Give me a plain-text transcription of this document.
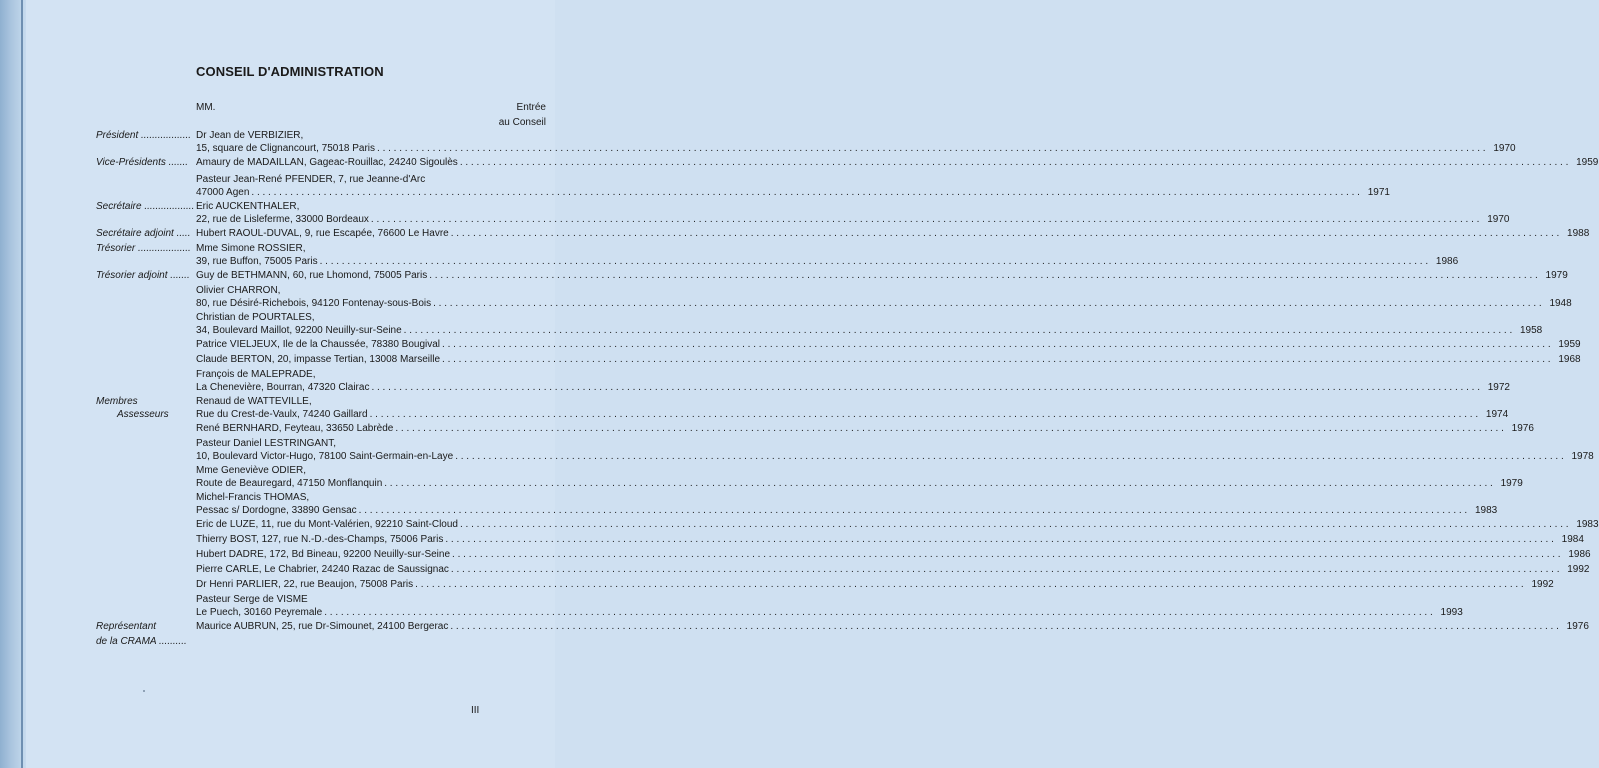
CONSEIL D'ADMINISTRATION
MM.	Entrée
au Conseil
Président .................. Dr Jean de VERBIZIER,
15, square de Clignancourt, 75018 Paris . . . . . . . . . . . . . . . . . . . . . . . . . . . . . . . . . . . . . . . . . . . . . . . . . . . . . . . . . . . . . . . . . . . . . . . . . . . . . . . . . . . . . . . . . . . . . . . . . . . . . . . . . . . . . . . . . . . . . . . . . . . . . . . . . . . . . . . . . . . . . . . . . . . . . . . . . . . . . . . . . . . . . . . . . . . . . . . . . . . . . . . . . . . . . . . . . . . . . . . . 1970
Vice-Présidents ....... Amaury de MADAILLAN, Gageac-Rouillac, 24240 Sigoulès . . . . . . . . . . . . . . . . . . . . . . . . . . . . . . . . . . . . . . . . . . . . . . . . . . . . . . . . . . . . . . . . . . . . . . . . . . . . . . . . . . . . . . . . . . . . . . . . . . . . . . . . . . . . . . . . . . . . . . . . . . . . . . . . . . . . . . . . . . . . . . . . . . . . . . . . . . . . . . . . . . . . . . . . . . . . . . . . . . . . . . . . . . . . . . . . . . . . . . . . 1959
Pasteur Jean-René PFENDER, 7, rue Jeanne-d'Arc
47000 Agen . . . . . . . . . . . . . . . . . . . . . . . . . . . . . . . . . . . . . . . . . . . . . . . . . . . . . . . . . . . . . . . . . . . . . . . . . . . . . . . . . . . . . . . . . . . . . . . . . . . . . . . . . . . . . . . . . . . . . . . . . . . . . . . . . . . . . . . . . . . . . . . . . . . . . . . . . . . . . . . . . . . . . . . . . . . . . . . . . . . . . . . . . . . . . . . . . . . . . . . . 1971
Secrétaire .................. Eric AUCKENTHALER,
22, rue de Lisleferme, 33000 Bordeaux . . . . . . . . . . . . . . . . . . . . . . . . . . . . . . . . . . . . . . . . . . . . . . . . . . . . . . . . . . . . . . . . . . . . . . . . . . . . . . . . . . . . . . . . . . . . . . . . . . . . . . . . . . . . . . . . . . . . . . . . . . . . . . . . . . . . . . . . . . . . . . . . . . . . . . . . . . . . . . . . . . . . . . . . . . . . . . . . . . . . . . . . . . . . . . . . . . . . . . . . 1970
Secrétaire adjoint ..... Hubert RAOUL-DUVAL, 9, rue Escapée, 76600 Le Havre . . . . . . . . . . . . . . . . . . . . . . . . . . . . . . . . . . . . . . . . . . . . . . . . . . . . . . . . . . . . . . . . . . . . . . . . . . . . . . . . . . . . . . . . . . . . . . . . . . . . . . . . . . . . . . . . . . . . . . . . . . . . . . . . . . . . . . . . . . . . . . . . . . . . . . . . . . . . . . . . . . . . . . . . . . . . . . . . . . . . . . . . . . . . . . . . . . . . . . . . 1988
Trésorier ................... Mme Simone ROSSIER,
39, rue Buffon, 75005 Paris . . . . . . . . . . . . . . . . . . . . . . . . . . . . . . . . . . . . . . . . . . . . . . . . . . . . . . . . . . . . . . . . . . . . . . . . . . . . . . . . . . . . . . . . . . . . . . . . . . . . . . . . . . . . . . . . . . . . . . . . . . . . . . . . . . . . . . . . . . . . . . . . . . . . . . . . . . . . . . . . . . . . . . . . . . . . . . . . . . . . . . . . . . . . . . . . . . . . . . . . 1986
Trésorier adjoint ....... Guy de BETHMANN, 60, rue Lhomond, 75005 Paris . . . . . . . . . . . . . . . . . . . . . . . . . . . . . . . . . . . . . . . . . . . . . . . . . . . . . . . . . . . . . . . . . . . . . . . . . . . . . . . . . . . . . . . . . . . . . . . . . . . . . . . . . . . . . . . . . . . . . . . . . . . . . . . . . . . . . . . . . . . . . . . . . . . . . . . . . . . . . . . . . . . . . . . . . . . . . . . . . . . . . . . . . . . . . . . . . . . . . . . . 1979
Olivier CHARRON,
80, rue Désiré-Richebois, 94120 Fontenay-sous-Bois . . . . . . . . . . . . . . . . . . . . . . . . . . . . . . . . . . . . . . . . . . . . . . . . . . . . . . . . . . . . . . . . . . . . . . . . . . . . . . . . . . . . . . . . . . . . . . . . . . . . . . . . . . . . . . . . . . . . . . . . . . . . . . . . . . . . . . . . . . . . . . . . . . . . . . . . . . . . . . . . . . . . . . . . . . . . . . . . . . . . . . . . . . . . . . . . . . . . . . . . 1948
Christian de POURTALES,
34, Boulevard Maillot, 92200 Neuilly-sur-Seine . . . . . . . . . . . . . . . . . . . . . . . . . . . . . . . . . . . . . . . . . . . . . . . . . . . . . . . . . . . . . . . . . . . . . . . . . . . . . . . . . . . . . . . . . . . . . . . . . . . . . . . . . . . . . . . . . . . . . . . . . . . . . . . . . . . . . . . . . . . . . . . . . . . . . . . . . . . . . . . . . . . . . . . . . . . . . . . . . . . . . . . . . . . . . . . . . . . . . . . . 1958
Patrice VIELJEUX, Ile de la Chaussée, 78380 Bougival . . . . . . . . . . . . . . . . . . . . . . . . . . . . . . . . . . . . . . . . . . . . . . . . . . . . . . . . . . . . . . . . . . . . . . . . . . . . . . . . . . . . . . . . . . . . . . . . . . . . . . . . . . . . . . . . . . . . . . . . . . . . . . . . . . . . . . . . . . . . . . . . . . . . . . . . . . . . . . . . . . . . . . . . . . . . . . . . . . . . . . . . . . . . . . . . . . . . . . . . 1959
Claude BERTON, 20, impasse Tertian, 13008 Marseille . . . . . . . . . . . . . . . . . . . . . . . . . . . . . . . . . . . . . . . . . . . . . . . . . . . . . . . . . . . . . . . . . . . . . . . . . . . . . . . . . . . . . . . . . . . . . . . . . . . . . . . . . . . . . . . . . . . . . . . . . . . . . . . . . . . . . . . . . . . . . . . . . . . . . . . . . . . . . . . . . . . . . . . . . . . . . . . . . . . . . . . . . . . . . . . . . . . . . . . . 1968
François de MALEPRADE,
La Chenevière, Bourran, 47320 Clairac . . . . . . . . . . . . . . . . . . . . . . . . . . . . . . . . . . . . . . . . . . . . . . . . . . . . . . . . . . . . . . . . . . . . . . . . . . . . . . . . . . . . . . . . . . . . . . . . . . . . . . . . . . . . . . . . . . . . . . . . . . . . . . . . . . . . . . . . . . . . . . . . . . . . . . . . . . . . . . . . . . . . . . . . . . . . . . . . . . . . . . . . . . . . . . . . . . . . . . . . 1972
Membres
Assesseurs
Renaud de WATTEVILLE,
Rue du Crest-de-Vaulx, 74240 Gaillard . . . . . . . . . . . . . . . . . . . . . . . . . . . . . . . . . . . . . . . . . . . . . . . . . . . . . . . . . . . . . . . . . . . . . . . . . . . . . . . . . . . . . . . . . . . . . . . . . . . . . . . . . . . . . . . . . . . . . . . . . . . . . . . . . . . . . . . . . . . . . . . . . . . . . . . . . . . . . . . . . . . . . . . . . . . . . . . . . . . . . . . . . . . . . . . . . . . . . . . . 1974
René BERNHARD, Feyteau, 33650 Labrède . . . . . . . . . . . . . . . . . . . . . . . . . . . . . . . . . . . . . . . . . . . . . . . . . . . . . . . . . . . . . . . . . . . . . . . . . . . . . . . . . . . . . . . . . . . . . . . . . . . . . . . . . . . . . . . . . . . . . . . . . . . . . . . . . . . . . . . . . . . . . . . . . . . . . . . . . . . . . . . . . . . . . . . . . . . . . . . . . . . . . . . . . . . . . . . . . . . . . . . . 1976
Pasteur Daniel LESTRINGANT,
10, Boulevard Victor-Hugo, 78100 Saint-Germain-en-Laye . . . . . . . . . . . . . . . . . . . . . . . . . . . . . . . . . . . . . . . . . . . . . . . . . . . . . . . . . . . . . . . . . . . . . . . . . . . . . . . . . . . . . . . . . . . . . . . . . . . . . . . . . . . . . . . . . . . . . . . . . . . . . . . . . . . . . . . . . . . . . . . . . . . . . . . . . . . . . . . . . . . . . . . . . . . . . . . . . . . . . . . . . . . . . . . . . . . . . . . . 1978
Mme Geneviève ODIER,
Route de Beauregard, 47150 Monflanquin . . . . . . . . . . . . . . . . . . . . . . . . . . . . . . . . . . . . . . . . . . . . . . . . . . . . . . . . . . . . . . . . . . . . . . . . . . . . . . . . . . . . . . . . . . . . . . . . . . . . . . . . . . . . . . . . . . . . . . . . . . . . . . . . . . . . . . . . . . . . . . . . . . . . . . . . . . . . . . . . . . . . . . . . . . . . . . . . . . . . . . . . . . . . . . . . . . . . . . . . 1979
Michel-Francis THOMAS,
Pessac s/ Dordogne, 33890 Gensac . . . . . . . . . . . . . . . . . . . . . . . . . . . . . . . . . . . . . . . . . . . . . . . . . . . . . . . . . . . . . . . . . . . . . . . . . . . . . . . . . . . . . . . . . . . . . . . . . . . . . . . . . . . . . . . . . . . . . . . . . . . . . . . . . . . . . . . . . . . . . . . . . . . . . . . . . . . . . . . . . . . . . . . . . . . . . . . . . . . . . . . . . . . . . . . . . . . . . . . . 1983
Eric de LUZE, 11, rue du Mont-Valérien, 92210 Saint-Cloud . . . . . . . . . . . . . . . . . . . . . . . . . . . . . . . . . . . . . . . . . . . . . . . . . . . . . . . . . . . . . . . . . . . . . . . . . . . . . . . . . . . . . . . . . . . . . . . . . . . . . . . . . . . . . . . . . . . . . . . . . . . . . . . . . . . . . . . . . . . . . . . . . . . . . . . . . . . . . . . . . . . . . . . . . . . . . . . . . . . . . . . . . . . . . . . . . . . . . . . . 1983
Thierry BOST, 127, rue N.-D.-des-Champs, 75006 Paris . . . . . . . . . . . . . . . . . . . . . . . . . . . . . . . . . . . . . . . . . . . . . . . . . . . . . . . . . . . . . . . . . . . . . . . . . . . . . . . . . . . . . . . . . . . . . . . . . . . . . . . . . . . . . . . . . . . . . . . . . . . . . . . . . . . . . . . . . . . . . . . . . . . . . . . . . . . . . . . . . . . . . . . . . . . . . . . . . . . . . . . . . . . . . . . . . . . . . . . . 1984
Hubert DADRE, 172, Bd Bineau, 92200 Neuilly-sur-Seine . . . . . . . . . . . . . . . . . . . . . . . . . . . . . . . . . . . . . . . . . . . . . . . . . . . . . . . . . . . . . . . . . . . . . . . . . . . . . . . . . . . . . . . . . . . . . . . . . . . . . . . . . . . . . . . . . . . . . . . . . . . . . . . . . . . . . . . . . . . . . . . . . . . . . . . . . . . . . . . . . . . . . . . . . . . . . . . . . . . . . . . . . . . . . . . . . . . . . . . . 1986
Pierre CARLE, Le Chabrier, 24240 Razac de Saussignac . . . . . . . . . . . . . . . . . . . . . . . . . . . . . . . . . . . . . . . . . . . . . . . . . . . . . . . . . . . . . . . . . . . . . . . . . . . . . . . . . . . . . . . . . . . . . . . . . . . . . . . . . . . . . . . . . . . . . . . . . . . . . . . . . . . . . . . . . . . . . . . . . . . . . . . . . . . . . . . . . . . . . . . . . . . . . . . . . . . . . . . . . . . . . . . . . . . . . . . . 1992
Dr Henri PARLIER, 22, rue Beaujon, 75008 Paris . . . . . . . . . . . . . . . . . . . . . . . . . . . . . . . . . . . . . . . . . . . . . . . . . . . . . . . . . . . . . . . . . . . . . . . . . . . . . . . . . . . . . . . . . . . . . . . . . . . . . . . . . . . . . . . . . . . . . . . . . . . . . . . . . . . . . . . . . . . . . . . . . . . . . . . . . . . . . . . . . . . . . . . . . . . . . . . . . . . . . . . . . . . . . . . . . . . . . . . . 1992
Pasteur Serge de VISME
Le Puech, 30160 Peyremale . . . . . . . . . . . . . . . . . . . . . . . . . . . . . . . . . . . . . . . . . . . . . . . . . . . . . . . . . . . . . . . . . . . . . . . . . . . . . . . . . . . . . . . . . . . . . . . . . . . . . . . . . . . . . . . . . . . . . . . . . . . . . . . . . . . . . . . . . . . . . . . . . . . . . . . . . . . . . . . . . . . . . . . . . . . . . . . . . . . . . . . . . . . . . . . . . . . . . . . . 1993
Représentant
de la CRAMA ..........
Maurice AUBRUN, 25, rue Dr-Simounet, 24100 Bergerac . . . . . . . . . . . . . . . . . . . . . . . . . . . . . . . . . . . . . . . . . . . . . . . . . . . . . . . . . . . . . . . . . . . . . . . . . . . . . . . . . . . . . . . . . . . . . . . . . . . . . . . . . . . . . . . . . . . . . . . . . . . . . . . . . . . . . . . . . . . . . . . . . . . . . . . . . . . . . . . . . . . . . . . . . . . . . . . . . . . . . . . . . . . . . . . . . . . . . . . . 1976
III
